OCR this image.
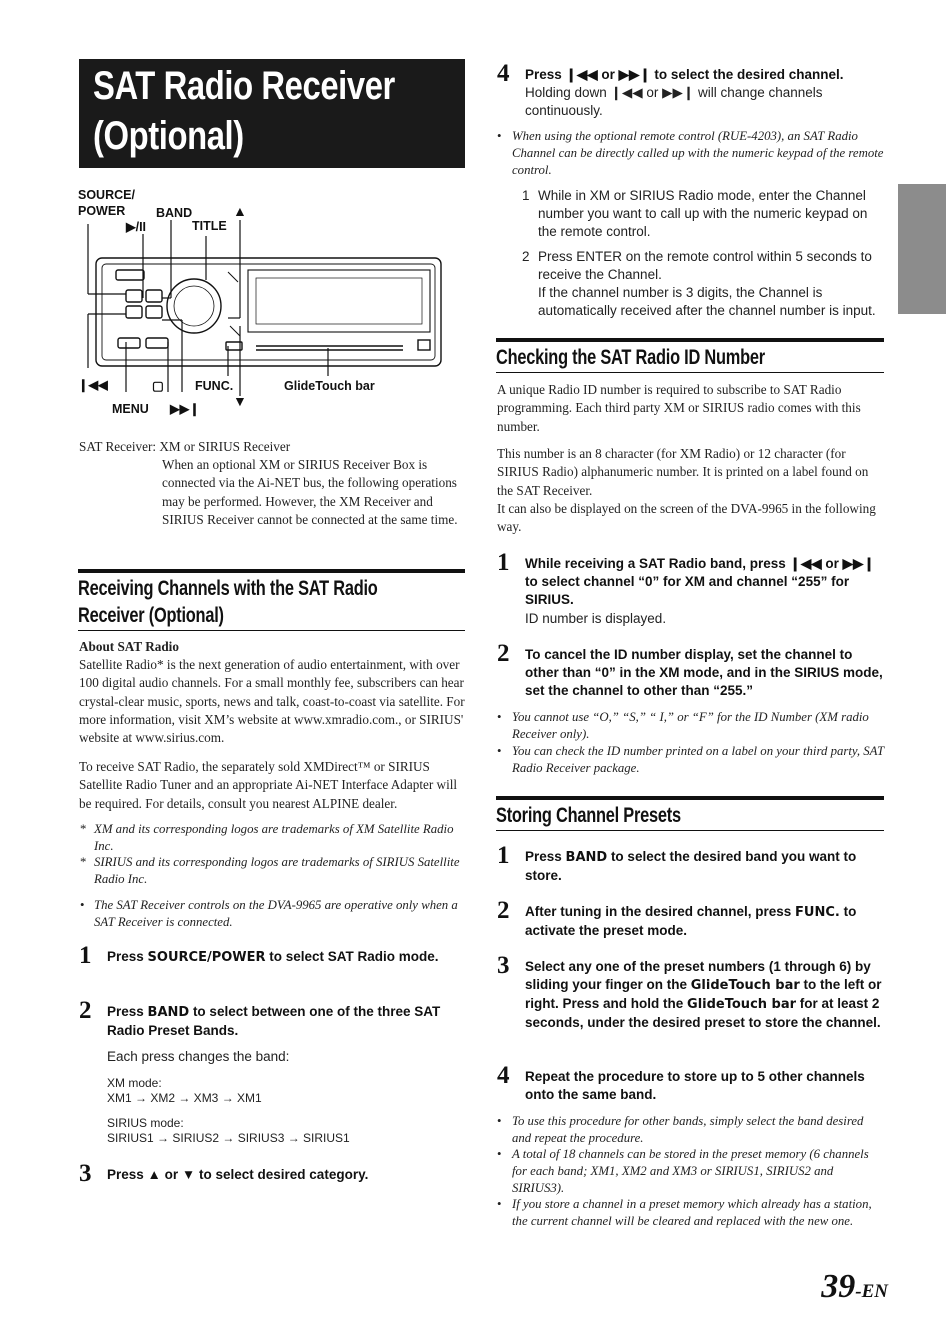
SAT Radio Receiver
(Optional)
SOURCE/
POWER BAND
▶/II	TITLE
▲
❙◀◀	▢ FUNC.	GlideTouch bar
MENU ▶▶❙ ▼
SAT Receiver: XM or SIRIUS Receiver
When an optional XM or SIRIUS Receiver Box is connected via the Ai-NET bus, the following operations may be performed. However, the XM Receiver and SIRIUS Receiver cannot be connected at the same time.
Receiving Channels with the SAT Radio
Receiver (Optional)
About SAT Radio
Satellite Radio* is the next generation of audio entertainment, with over 100 digital audio channels. For a small monthly fee, subscribers can hear crystal-clear music, sports, news and talk, coast-to-coast via satellite. For more information, visit XM’s website at www.xmradio.com., or SIRIUS' website at www.sirius.com.
To receive SAT Radio, the separately sold XMDirect™ or SIRIUS Satellite Radio Tuner and an appropriate Ai-NET Interface Adapter will be required. For details, consult you nearest ALPINE dealer.
* XM and its corresponding logos are trademarks of XM Satellite Radio Inc.
* SIRIUS and its corresponding logos are trademarks of SIRIUS Satellite Radio Inc.
• The SAT Receiver controls on the DVA-9965 are operative only when a SAT Receiver is connected.
1 Press SOURCE/POWER to select SAT Radio mode.
2 Press BAND to select between one of the three SAT Radio Preset Bands.
Each press changes the band:
XM mode:
XM1 → XM2 → XM3 → XM1
SIRIUS mode:
SIRIUS1 → SIRIUS2 → SIRIUS3 → SIRIUS1
3 Press ▲ or ▼ to select desired category.
4 Press ❙◀◀ or ▶▶❙ to select the desired channel.
Holding down ❙◀◀ or ▶▶❙ will change channels continuously.
• When using the optional remote control (RUE-4203), an SAT Radio Channel can be directly called up with the numeric keypad of the remote control.
1 While in XM or SIRIUS Radio mode, enter the Channel number you want to call up with the numeric keypad on the remote control.
2 Press ENTER on the remote control within 5 seconds to receive the Channel.
If the channel number is 3 digits, the Channel is automatically received after the channel number is input.
Checking the SAT Radio ID Number
A unique Radio ID number is required to subscribe to SAT Radio programming. Each third party XM or SIRIUS radio comes with this number.
This number is an 8 character (for XM Radio) or 12 character (for SIRIUS Radio) alphanumeric number. It is printed on a label found on the SAT Receiver.
It can also be displayed on the screen of the DVA-9965 in the following way.
1 While receiving a SAT Radio band, press ❙◀◀ or ▶▶❙ to select channel “0” for XM and channel “255” for SIRIUS.
ID number is displayed.
2 To cancel the ID number display, set the channel to other than “0” in the XM mode, and in the SIRIUS mode, set the channel to other than “255.”
• You cannot use “O,” “S,” “ I,” or “F” for the ID Number (XM radio Receiver only).
• You can check the ID number printed on a label on your third party, SAT Radio Receiver package.
Storing Channel Presets
1 Press BAND to select the desired band you want to store.
2 After tuning in the desired channel, press FUNC. to activate the preset mode.
3 Select any one of the preset numbers (1 through 6) by sliding your finger on the GlideTouch bar to the left or right. Press and hold the GlideTouch bar for at least 2 seconds, under the desired preset to store the channel.
4 Repeat the procedure to store up to 5 other channels onto the same band.
• To use this procedure for other bands, simply select the band desired and repeat the procedure.
• A total of 18 channels can be stored in the preset memory (6 channels for each band; XM1, XM2 and XM3 or SIRIUS1, SIRIUS2 and SIRIUS3).
• If you store a channel in a preset memory which already has a station, the current channel will be cleared and replaced with the new one.
39-EN
